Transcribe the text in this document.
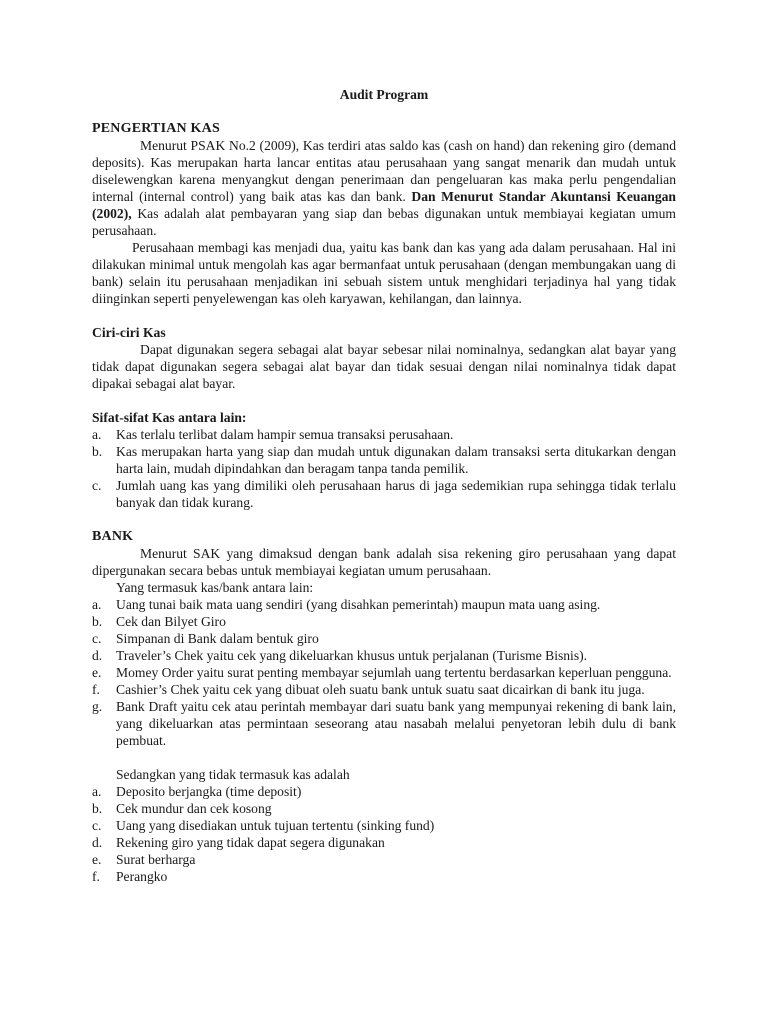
Audit Program
PENGERTIAN KAS

Menurut PSAK No.2 (2009), Kas terdiri atas saldo kas (cash on hand) dan rekening giro (demand deposits). Kas merupakan harta lancar entitas atau perusahaan yang sangat menarik dan mudah untuk diselewengkan karena menyangkut dengan penerimaan dan pengeluaran kas maka perlu pengendalian internal (internal control) yang baik atas kas dan bank. Dan Menurut Standar Akuntansi Keuangan (2002), Kas adalah alat pembayaran yang siap dan bebas digunakan untuk membiayai kegiatan umum perusahaan.

Perusahaan membagi kas menjadi dua, yaitu kas bank dan kas yang ada dalam perusahaan. Hal ini dilakukan minimal untuk mengolah kas agar bermanfaat untuk perusahaan (dengan membungakan uang di bank) selain itu perusahaan menjadikan ini sebuah sistem untuk menghidari terjadinya hal yang tidak diinginkan seperti penyelewengan kas oleh karyawan, kehilangan, dan lainnya.

Ciri-ciri Kas

Dapat digunakan segera sebagai alat bayar sebesar nilai nominalnya, sedangkan alat bayar yang tidak dapat digunakan segera sebagai alat bayar dan tidak sesuai dengan nilai nominalnya tidak dapat dipakai sebagai alat bayar.

Sifat-sifat Kas antara lain:
a. Kas terlalu terlibat dalam hampir semua transaksi perusahaan.
b. Kas merupakan harta yang siap dan mudah untuk digunakan dalam transaksi serta ditukarkan dengan harta lain, mudah dipindahkan dan beragam tanpa tanda pemilik.
c. Jumlah uang kas yang dimiliki oleh perusahaan harus di jaga sedemikian rupa sehingga tidak terlalu banyak dan tidak kurang.
BANK

Menurut SAK yang dimaksud dengan bank adalah sisa rekening giro perusahaan yang dapat dipergunakan secara bebas untuk membiayai kegiatan umum perusahaan.

Yang termasuk kas/bank antara lain:

a. Uang tunai baik mata uang sendiri (yang disahkan pemerintah) maupun mata uang asing.
b. Cek dan Bilyet Giro
c. Simpanan di Bank dalam bentuk giro
d. Traveler’s Chek yaitu cek yang dikeluarkan khusus untuk perjalanan (Turisme Bisnis).
e. Momey Order yaitu surat penting membayar sejumlah uang tertentu berdasarkan keperluan pengguna.
f. Cashier’s Chek yaitu cek yang dibuat oleh suatu bank untuk suatu saat dicairkan di bank itu juga.
g. Bank Draft yaitu cek atau perintah membayar dari suatu bank yang mempunyai rekening di bank lain, yang dikeluarkan atas permintaan seseorang atau nasabah melalui penyetoran lebih dulu di bank pembuat.

Sedangkan yang tidak termasuk kas adalah

a. Deposito berjangka (time deposit)
b. Cek mundur dan cek kosong
c. Uang yang disediakan untuk tujuan tertentu (sinking fund)
d. Rekening giro yang tidak dapat segera digunakan
e. Surat berharga
f. Perangko
